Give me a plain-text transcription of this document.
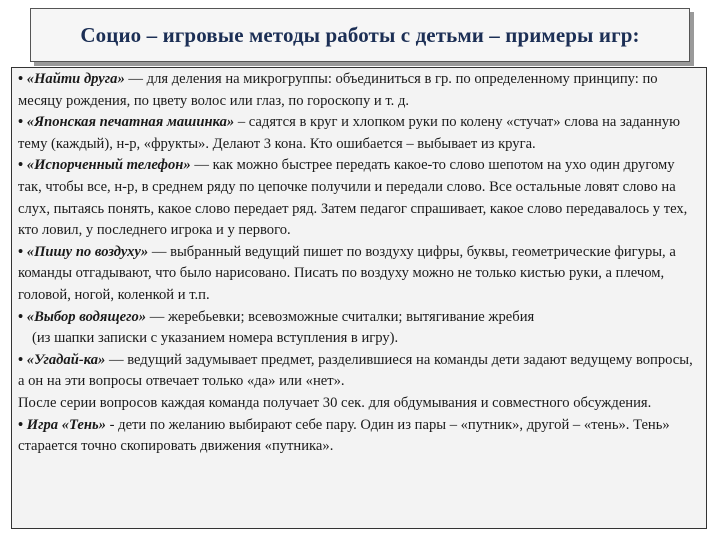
Социо – игровые методы работы с детьми – примеры игр:

• «Найти друга» — для деления на микрогруппы: объединиться в гр. по определенному принципу: по месяцу рождения, по цвету волос или глаз, по гороскопу и т. д.

• «Японская печатная машинка» – садятся в круг и хлопком руки по колену «стучат» слова на заданную тему (каждый), н-р, «фрукты». Делают 3 кона. Кто ошибается – выбывает из круга.

• «Испорченный телефон» — как можно быстрее передать какое-то слово шепотом на ухо один другому так, чтобы все, н-р, в среднем ряду по цепочке получили и передали слово. Все остальные ловят слово на слух, пытаясь понять, какое слово передает ряд. Затем педагог спрашивает, какое слово передавалось у тех, кто ловил, у последнего игрока и у первого.

• «Пишу по воздуху» — выбранный ведущий пишет по воздуху цифры, буквы, геометрические фигуры, а команды отгадывают, что было нарисовано. Писать по воздуху можно не только кистью руки, а плечом, головой, ногой, коленкой и т.п.

• «Выбор водящего» — жеребьевки; всевозможные считалки; вытягивание жребия
(из шапки записки с указанием номера вступления в игру).

• «Угадай-ка» — ведущий задумывает предмет, разделившиеся на команды дети задают ведущему вопросы, а он на эти вопросы отвечает только «да» или «нет».

После серии вопросов каждая команда получает 30 сек. для обдумывания и совместного обсуждения.

• Игра «Тень» - дети по желанию выбирают себе пару. Один из пары – «путник», другой – «тень». Тень» старается точно скопировать движения «путника».
